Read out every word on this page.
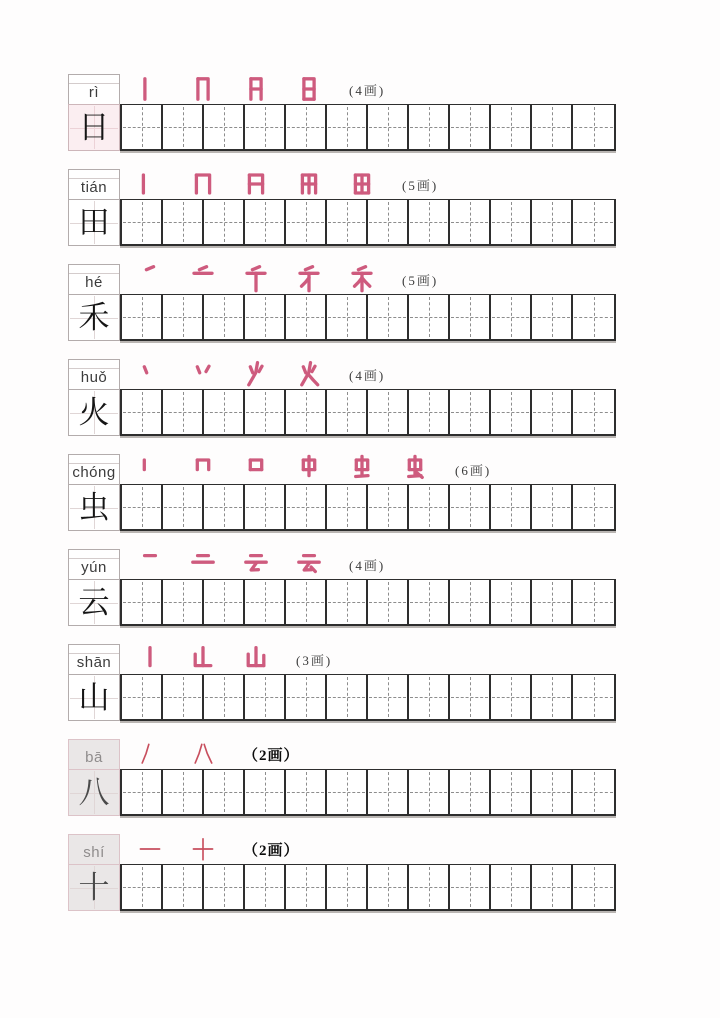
rì
日
(4画)
tián
田
(5画)
hé
禾
(5画)
huǒ
火
(4画)
chóng
虫
(6画)
yún
云
(4画)
shān
山
(3画)
bā
八
（2画）
shí
十
（2画）
